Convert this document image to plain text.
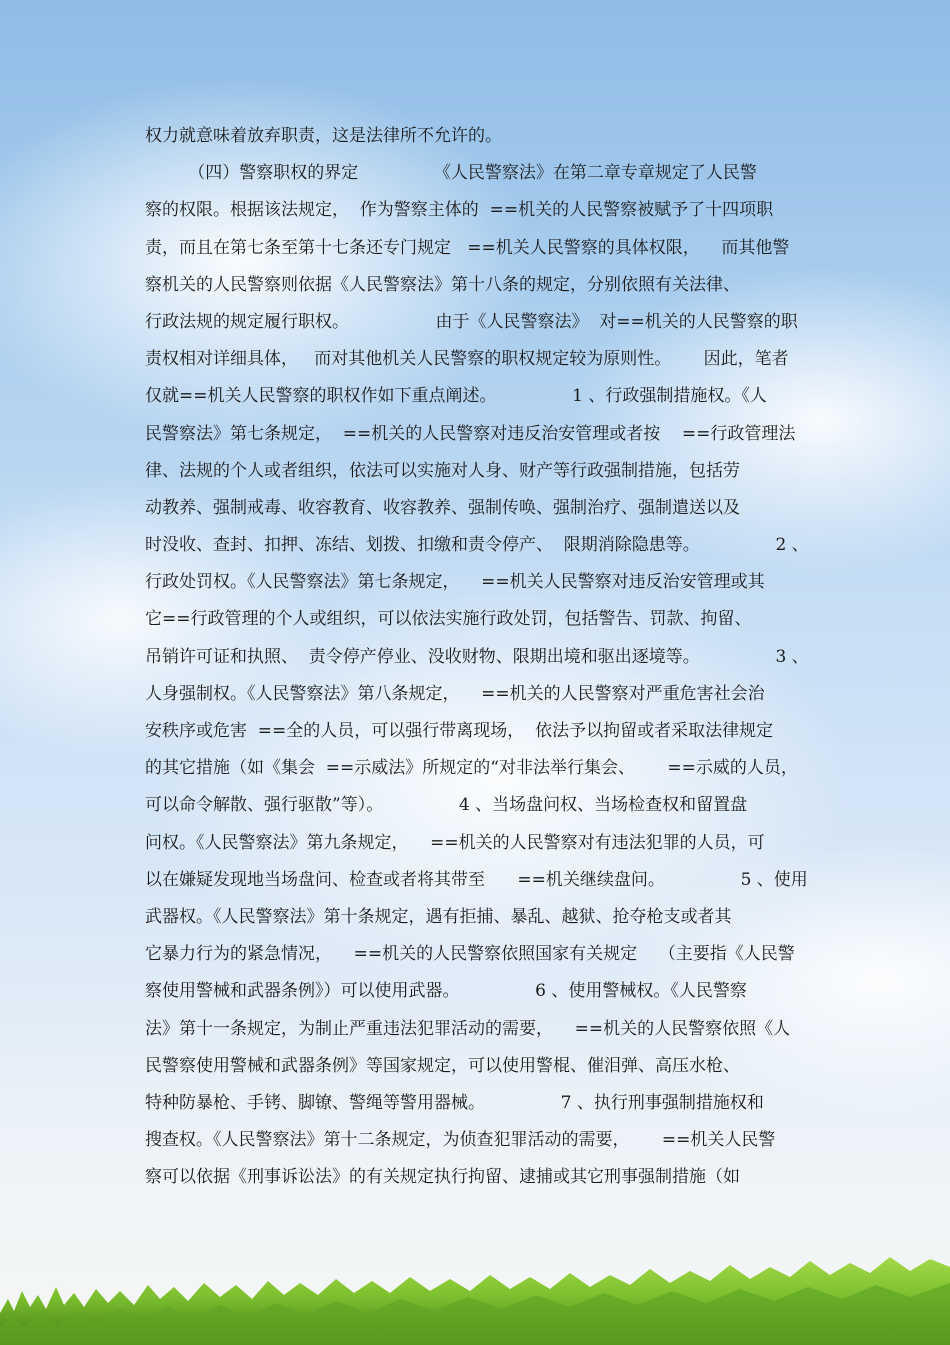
权力就意味着放弃职责，这是法律所不允许的。
（四）警察职权的界定              《人民警察法》在第二章专章规定了人民警
察的权限。根据该法规定，  作为警察主体的  ==机关的人民警察被赋予了十四项职
责，而且在第七条至第十七条还专门规定   ==机关人民警察的具体权限，    而其他警
察机关的人民警察则依据《人民警察法》第十八条的规定，分别依照有关法律、
行政法规的规定履行职权。                由于《人民警察法》  对==机关的人民警察的职
责权相对详细具体，   而对其他机关人民警察的职权规定较为原则性。      因此，笔者
仅就==机关人民警察的职权作如下重点阐述。              1 、行政强制措施权。《人
民警察法》第七条规定，  ==机关的人民警察对违反治安管理或者按    ==行政管理法
律、法规的个人或者组织，依法可以实施对人身、财产等行政强制措施，包括劳
动教养、强制戒毒、收容教育、收容教养、强制传唤、强制治疗、强制遣送以及
时没收、查封、扣押、冻结、划拨、扣缴和责令停产、  限期消除隐患等。              2 、
行政处罚权。《人民警察法》第七条规定，    ==机关人民警察对违反治安管理或其
它==行政管理的个人或组织，可以依法实施行政处罚，包括警告、罚款、拘留、
吊销许可证和执照、  责令停产停业、没收财物、限期出境和驱出逐境等。              3 、
人身强制权。《人民警察法》第八条规定，    ==机关的人民警察对严重危害社会治
安秩序或危害  ==全的人员，可以强行带离现场，  依法予以拘留或者采取法律规定
的其它措施（如《集会  ==示威法》所规定的“对非法举行集会、      ==示威的人员，
可以命令解散、强行驱散”等）。              4 、当场盘问权、当场检查权和留置盘
问权。《人民警察法》第九条规定，    ==机关的人民警察对有违法犯罪的人员，可
以在嫌疑发现地当场盘问、检查或者将其带至      ==机关继续盘问。              5 、使用
武器权。《人民警察法》第十条规定，遇有拒捕、暴乱、越狱、抢夺枪支或者其
它暴力行为的紧急情况，    ==机关的人民警察依照国家有关规定    （主要指《人民警
察使用警械和武器条例》）可以使用武器。              6 、使用警械权。《人民警察
法》第十一条规定，为制止严重违法犯罪活动的需要，    ==机关的人民警察依照《人
民警察使用警械和武器条例》等国家规定，可以使用警棍、催泪弹、高压水枪、
特种防暴枪、手铐、脚镣、警绳等警用器械。              7 、执行刑事强制措施权和
搜查权。《人民警察法》第十二条规定，为侦查犯罪活动的需要，      ==机关人民警
察可以依据《刑事诉讼法》的有关规定执行拘留、逮捕或其它刑事强制措施（如
